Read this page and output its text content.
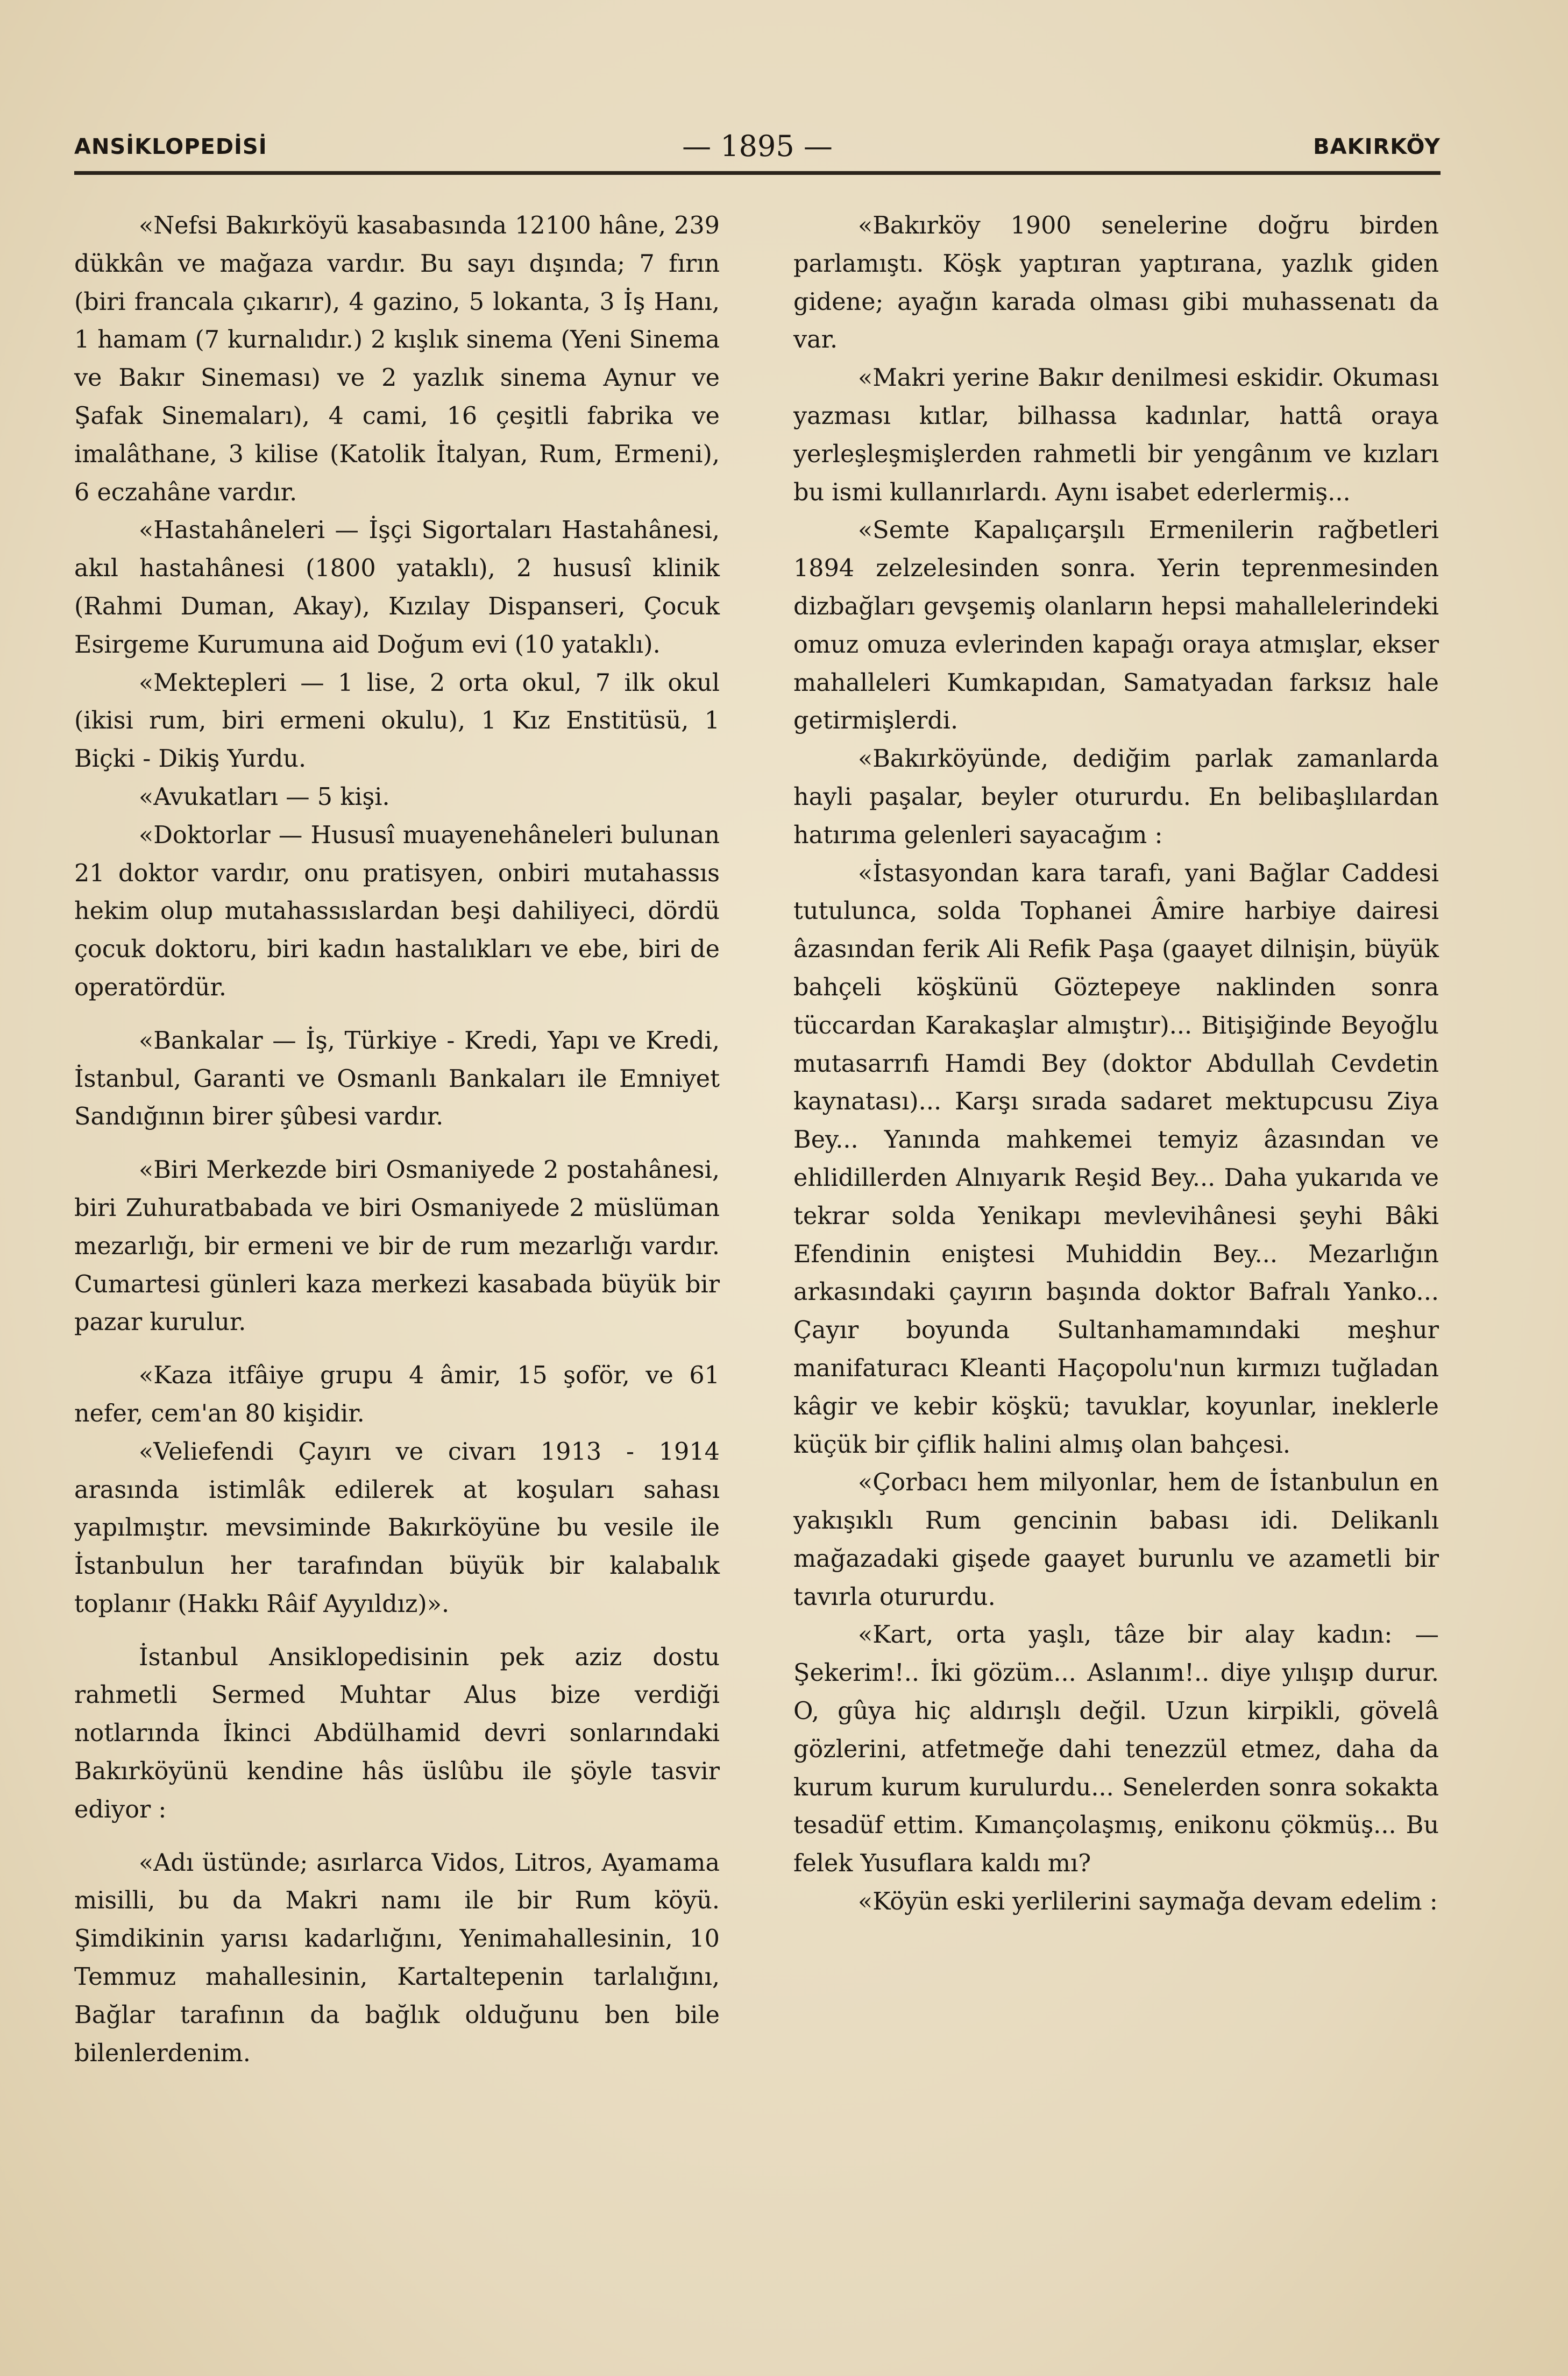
ANSİKLOPEDİSİ	— 1895 —	BAKIRKÖY

«Nefsi Bakırköyü kasabasında 12100 hâne, 239 dükkân ve mağaza vardır. Bu sayı dışında; 7 fırın (biri francala çıkarır), 4 gazino, 5 lokanta, 3 İş Hanı, 1 hamam (7 kurnalıdır.) 2 kışlık sinema (Yeni Sinema ve Bakır Sineması) ve 2 yazlık sinema Aynur ve Şafak Sinemaları), 4 cami, 16 çeşitli fabrika ve imalâthane, 3 kilise (Katolik İtalyan, Rum, Ermeni), 6 eczahâne vardır.

«Hastahâneleri — İşçi Sigortaları Hastahânesi, akıl hastahânesi (1800 yataklı), 2 hususî klinik (Rahmi Duman, Akay), Kızılay Dispanseri, Çocuk Esirgeme Kurumuna aid Doğum evi (10 yataklı).

«Mektepleri — 1 lise, 2 orta okul, 7 ilk okul (ikisi rum, biri ermeni okulu), 1 Kız Enstitüsü, 1 Biçki - Dikiş Yurdu.

«Avukatları — 5 kişi.

«Doktorlar — Hususî muayenehâneleri bulunan 21 doktor vardır, onu pratisyen, onbiri mutahassıs hekim olup mutahassıslardan beşi dahiliyeci, dördü çocuk doktoru, biri kadın hastalıkları ve ebe, biri de operatördür.

«Bankalar — İş, Türkiye - Kredi, Yapı ve Kredi, İstanbul, Garanti ve Osmanlı Bankaları ile Emniyet Sandığının birer şûbesi vardır.

«Biri Merkezde biri Osmaniyede 2 postahânesi, biri Zuhuratbabada ve biri Osmaniyede 2 müslüman mezarlığı, bir ermeni ve bir de rum mezarlığı vardır. Cumartesi günleri kaza merkezi kasabada büyük bir pazar kurulur.

«Kaza itfâiye grupu 4 âmir, 15 şoför, ve 61 nefer, cem'an 80 kişidir.

«Veliefendi Çayırı ve civarı 1913 - 1914 arasında istimlâk edilerek at koşuları sahası yapılmıştır. mevsiminde Bakırköyüne bu vesile ile İstanbulun her tarafından büyük bir kalabalık toplanır (Hakkı Râif Ayyıldız)».

İstanbul Ansiklopedisinin pek aziz dostu rahmetli Sermed Muhtar Alus bize verdiği notlarında İkinci Abdülhamid devri sonlarındaki Bakırköyünü kendine hâs üslûbu ile şöyle tasvir ediyor :

«Adı üstünde; asırlarca Vidos, Litros, Ayamama misilli, bu da Makri namı ile bir Rum köyü. Şimdikinin yarısı kadarlığını, Yenimahallesinin, 10 Temmuz mahallesinin, Kartaltepenin tarlalığını, Bağlar tarafının da bağlık olduğunu ben bile bilenlerdenim.

«Bakırköy 1900 senelerine doğru birden parlamıştı. Köşk yaptıran yaptırana, yazlık giden gidene; ayağın karada olması gibi muhassenatı da var.

«Makri yerine Bakır denilmesi eskidir. Okuması yazması kıtlar, bilhassa kadınlar, hattâ oraya yerleşleşmişlerden rahmetli bir yengânım ve kızları bu ismi kullanırlardı. Aynı isabet ederlermiş...

«Semte Kapalıçarşılı Ermenilerin rağbetleri 1894 zelzelesinden sonra. Yerin teprenmesinden dizbağları gevşemiş olanların hepsi mahallelerindeki omuz omuza evlerinden kapağı oraya atmışlar, ekser mahalleleri Kumkapıdan, Samatyadan farksız hale getirmişlerdi.

«Bakırköyünde, dediğim parlak zamanlarda hayli paşalar, beyler otururdu. En belibaşlılardan hatırıma gelenleri sayacağım :

«İstasyondan kara tarafı, yani Bağlar Caddesi tutulunca, solda Tophanei Âmire harbiye dairesi âzasından ferik Ali Refik Paşa (gaayet dilnişin, büyük bahçeli köşkünü Göztepeye naklinden sonra tüccardan Karakaşlar almıştır)... Bitişiğinde Beyoğlu mutasarrıfı Hamdi Bey (doktor Abdullah Cevdetin kaynatası)... Karşı sırada sadaret mektupcusu Ziya Bey... Yanında mahkemei temyiz âzasından ve ehlidillerden Alnıyarık Reşid Bey... Daha yukarıda ve tekrar solda Yenikapı mevlevihânesi şeyhi Bâki Efendinin eniştesi Muhiddin Bey... Mezarlığın arkasındaki çayırın başında doktor Bafralı Yanko... Çayır boyunda Sultanhamamındaki meşhur manifaturacı Kleanti Haçopolu'nun kırmızı tuğladan kâgir ve kebir köşkü; tavuklar, koyunlar, ineklerle küçük bir çiflik halini almış olan bahçesi.

«Çorbacı hem milyonlar, hem de İstanbulun en yakışıklı Rum gencinin babası idi. Delikanlı mağazadaki gişede gaayet burunlu ve azametli bir tavırla otururdu.

«Kart, orta yaşlı, tâze bir alay kadın: — Şekerim!.. İki gözüm... Aslanım!.. diye yılışıp durur. O, gûya hiç aldırışlı değil. Uzun kirpikli, gövelâ gözlerini, atfetmeğe dahi tenezzül etmez, daha da kurum kurum kurulurdu... Senelerden sonra sokakta tesadüf ettim. Kımançolaşmış, enikonu çökmüş... Bu felek Yusuflara kaldı mı?

«Köyün eski yerlilerini saymağa devam edelim :
